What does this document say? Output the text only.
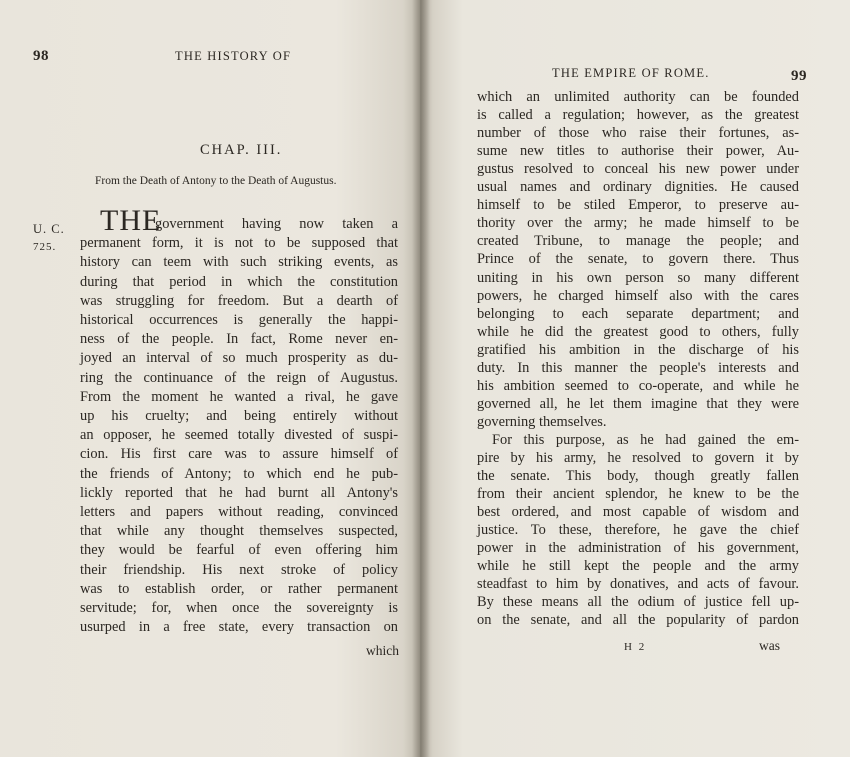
98	THE HISTORY OF
CHAP. III.
From the Death of Antony to the Death of Augustus.
U. C.
725.
THE
government having now taken a
permanent form, it is not to be supposed that
history can teem with such striking events, as
during that period in which the constitution
was struggling for freedom. But a dearth of
historical occurrences is generally the happi-
ness of the people. In fact, Rome never en-
joyed an interval of so much prosperity as du-
ring the continuance of the reign of Augustus.
From the moment he wanted a rival, he gave
up his cruelty; and being entirely without
an opposer, he seemed totally divested of suspi-
cion. His first care was to assure himself of
the friends of Antony; to which end he pub-
lickly reported that he had burnt all Antony's
letters and papers without reading, convinced
that while any thought themselves suspected,
they would be fearful of even offering him
their friendship. His next stroke of policy
was to establish order, or rather permanent
servitude; for, when once the sovereignty is
usurped in a free state, every transaction on
which
THE EMPIRE OF ROME.	99
which an unlimited authority can be founded
is called a regulation; however, as the greatest
number of those who raise their fortunes, as-
sume new titles to authorise their power, Au-
gustus resolved to conceal his new power under
usual names and ordinary dignities. He caused
himself to be stiled Emperor, to preserve au-
thority over the army; he made himself to be
created Tribune, to manage the people; and
Prince of the senate, to govern there. Thus
uniting in his own person so many different
powers, he charged himself also with the cares
belonging to each separate department; and
while he did the greatest good to others, fully
gratified his ambition in the discharge of his
duty. In this manner the people's interests and
his ambition seemed to co-operate, and while he
governed all, he let them imagine that they were
governing themselves.
For this purpose, as he had gained the em-
pire by his army, he resolved to govern it by
the senate. This body, though greatly fallen
from their ancient splendor, he knew to be the
best ordered, and most capable of wisdom and
justice. To these, therefore, he gave the chief
power in the administration of his government,
while he still kept the people and the army
steadfast to him by donatives, and acts of favour.
By these means all the odium of justice fell up-
on the senate, and all the popularity of pardon
H 2	was
